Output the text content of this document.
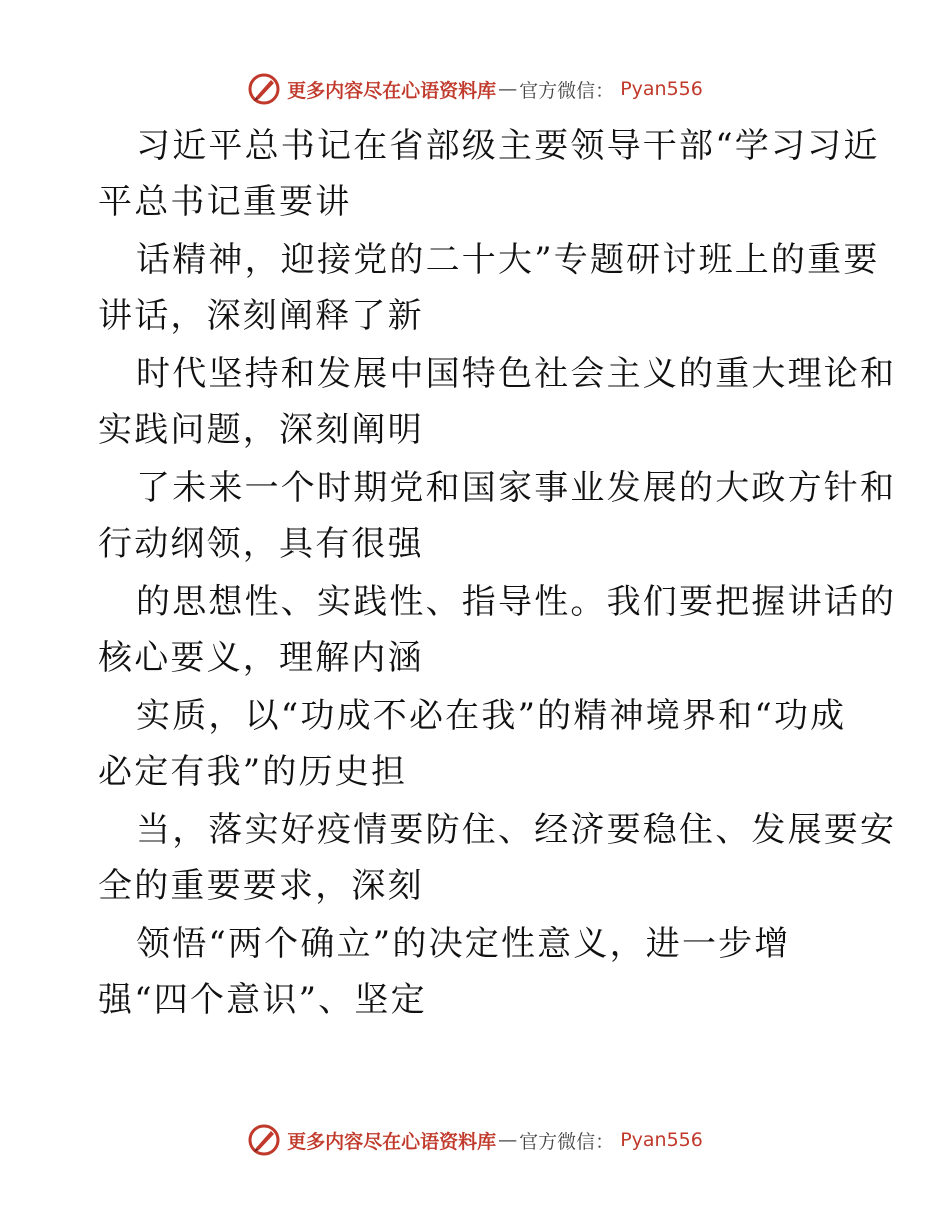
更多内容尽在心语资料库 — 官方微信： Pyan556
习近平总书记在省部级主要领导干部“学习习近
平总书记重要讲
话精神，迎接党的二十大”专题研讨班上的重要
讲话，深刻阐释了新
时代坚持和发展中国特色社会主义的重大理论和
实践问题，深刻阐明
了未来一个时期党和国家事业发展的大政方针和
行动纲领，具有很强
的思想性、实践性、指导性。我们要把握讲话的
核心要义，理解内涵
实质，以“功成不必在我”的精神境界和“功成
必定有我”的历史担
当，落实好疫情要防住、经济要稳住、发展要安
全的重要要求，深刻
领悟“两个确立”的决定性意义，进一步增
强“四个意识”、坚定
更多内容尽在心语资料库 — 官方微信： Pyan556
